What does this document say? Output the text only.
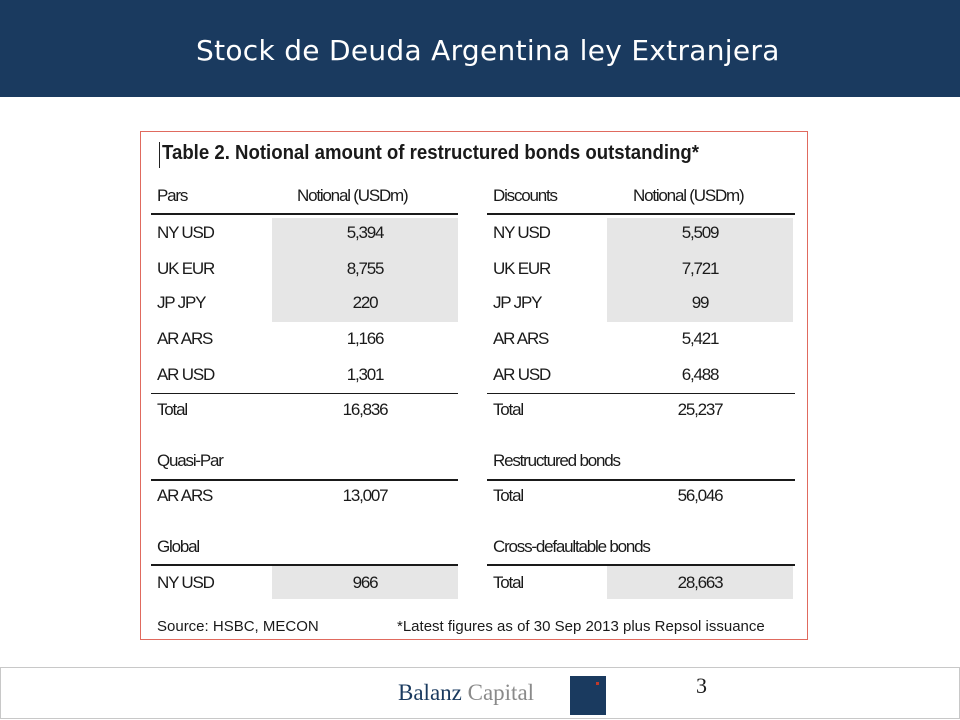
Stock de Deuda Argentina ley Extranjera
Table 2. Notional amount of restructured bonds outstanding*
Pars	Notional (USDm)
NY USD	5,394
UK EUR	8,755
JP JPY	220
AR ARS	1,166
AR USD	1,301
Total	16,836
Quasi-Par
AR ARS	13,007
Global
NY USD	966
Discounts	Notional (USDm)
NY USD	5,509
UK EUR	7,721
JP JPY	99
AR ARS	5,421
AR USD	6,488
Total	25,237
Restructured bonds
Total	56,046
Cross-defaultable bonds
Total	28,663
Source: HSBC, MECON	*Latest figures as of 30 Sep 2013 plus Repsol issuance
Balanz Capital	3
